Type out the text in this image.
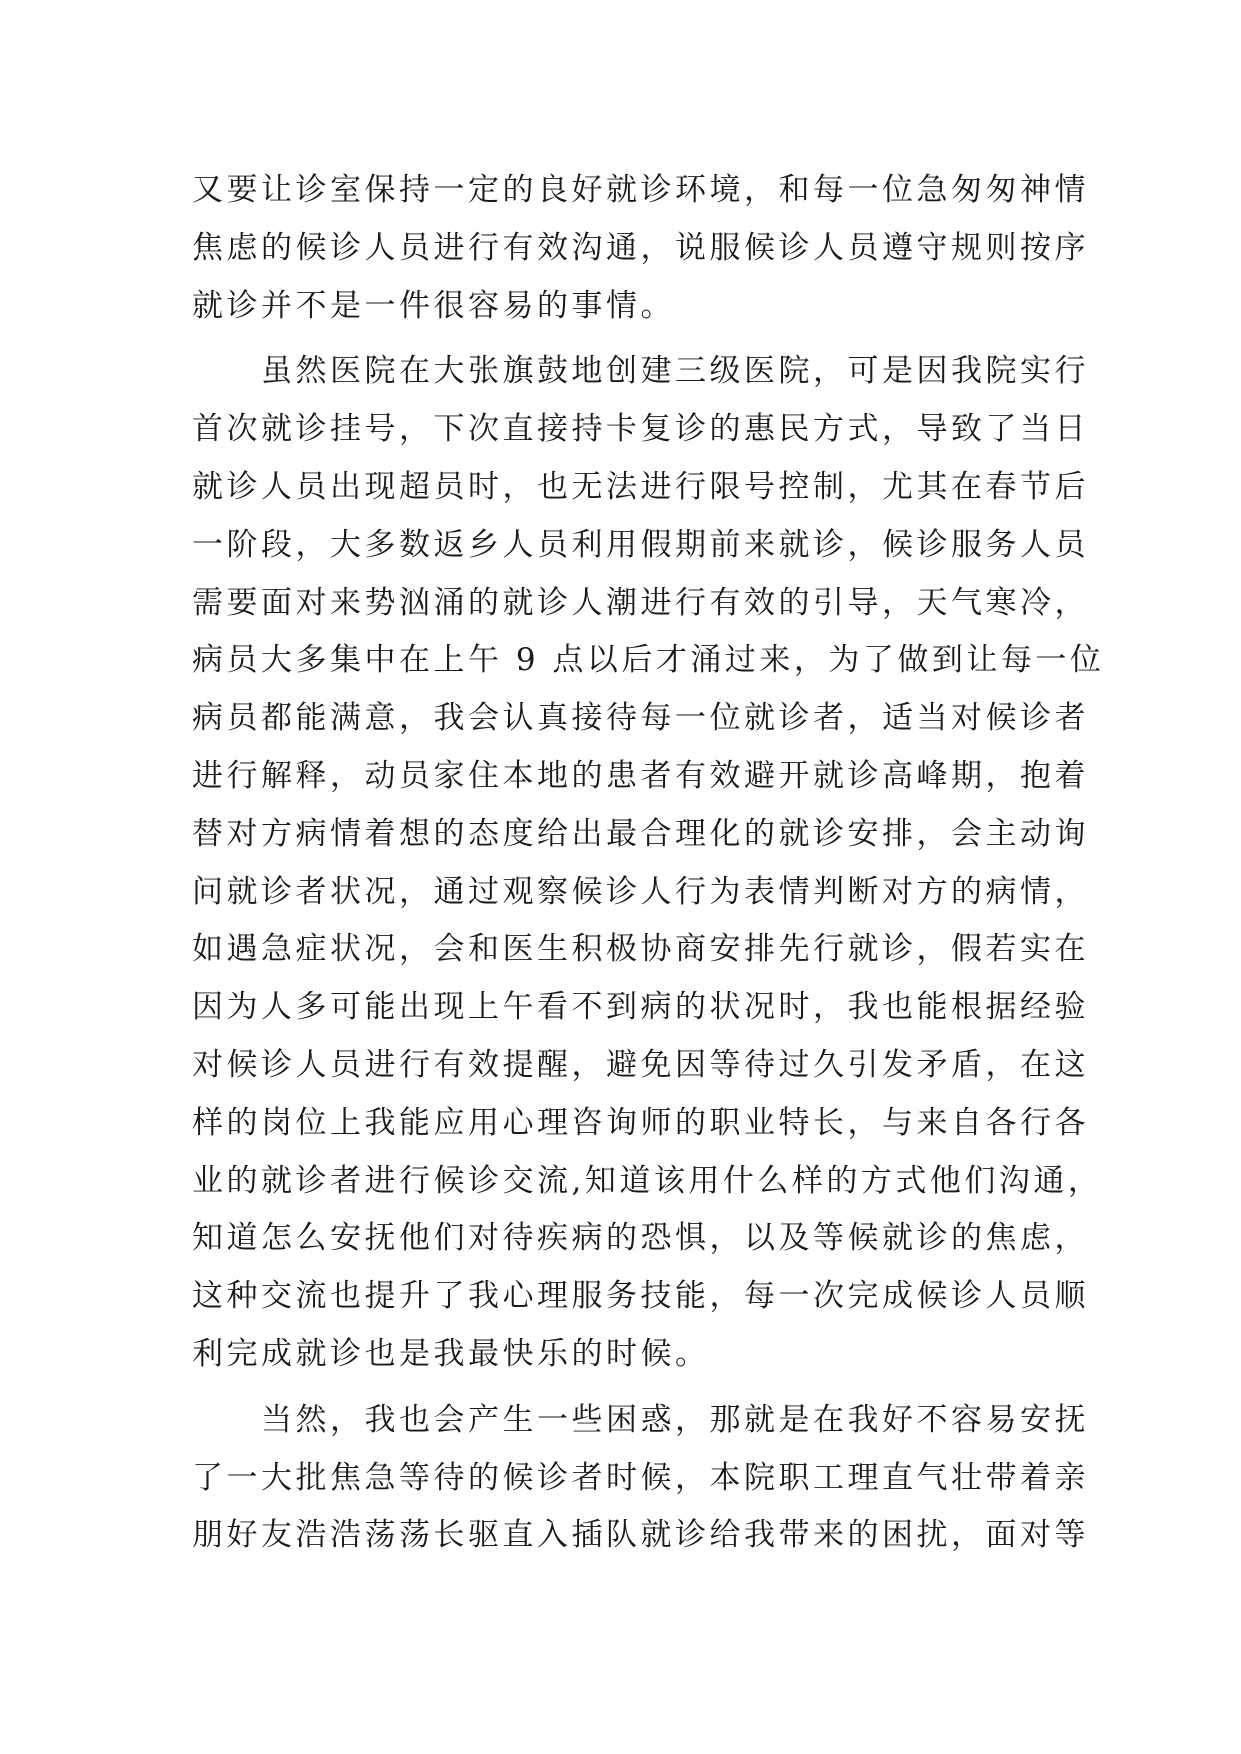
又要让诊室保持一定的良好就诊环境，和每一位急匆匆神情
焦虑的候诊人员进行有效沟通，说服候诊人员遵守规则按序
就诊并不是一件很容易的事情。
虽然医院在大张旗鼓地创建三级医院，可是因我院实行
首次就诊挂号，下次直接持卡复诊的惠民方式，导致了当日
就诊人员出现超员时，也无法进行限号控制，尤其在春节后
一阶段，大多数返乡人员利用假期前来就诊，候诊服务人员
需要面对来势汹涌的就诊人潮进行有效的引导，天气寒冷，
病员大多集中在上午 9 点以后才涌过来，为了做到让每一位
病员都能满意，我会认真接待每一位就诊者，适当对候诊者
进行解释，动员家住本地的患者有效避开就诊高峰期，抱着
替对方病情着想的态度给出最合理化的就诊安排，会主动询
问就诊者状况，通过观察候诊人行为表情判断对方的病情，
如遇急症状况，会和医生积极协商安排先行就诊，假若实在
因为人多可能出现上午看不到病的状况时，我也能根据经验
对候诊人员进行有效提醒，避免因等待过久引发矛盾，在这
样的岗位上我能应用心理咨询师的职业特长，与来自各行各
业的就诊者进行候诊交流,知道该用什么样的方式他们沟通，
知道怎么安抚他们对待疾病的恐惧，以及等候就诊的焦虑，
这种交流也提升了我心理服务技能，每一次完成候诊人员顺
利完成就诊也是我最快乐的时候。
当然，我也会产生一些困惑，那就是在我好不容易安抚
了一大批焦急等待的候诊者时候，本院职工理直气壮带着亲
朋好友浩浩荡荡长驱直入插队就诊给我带来的困扰，面对等
